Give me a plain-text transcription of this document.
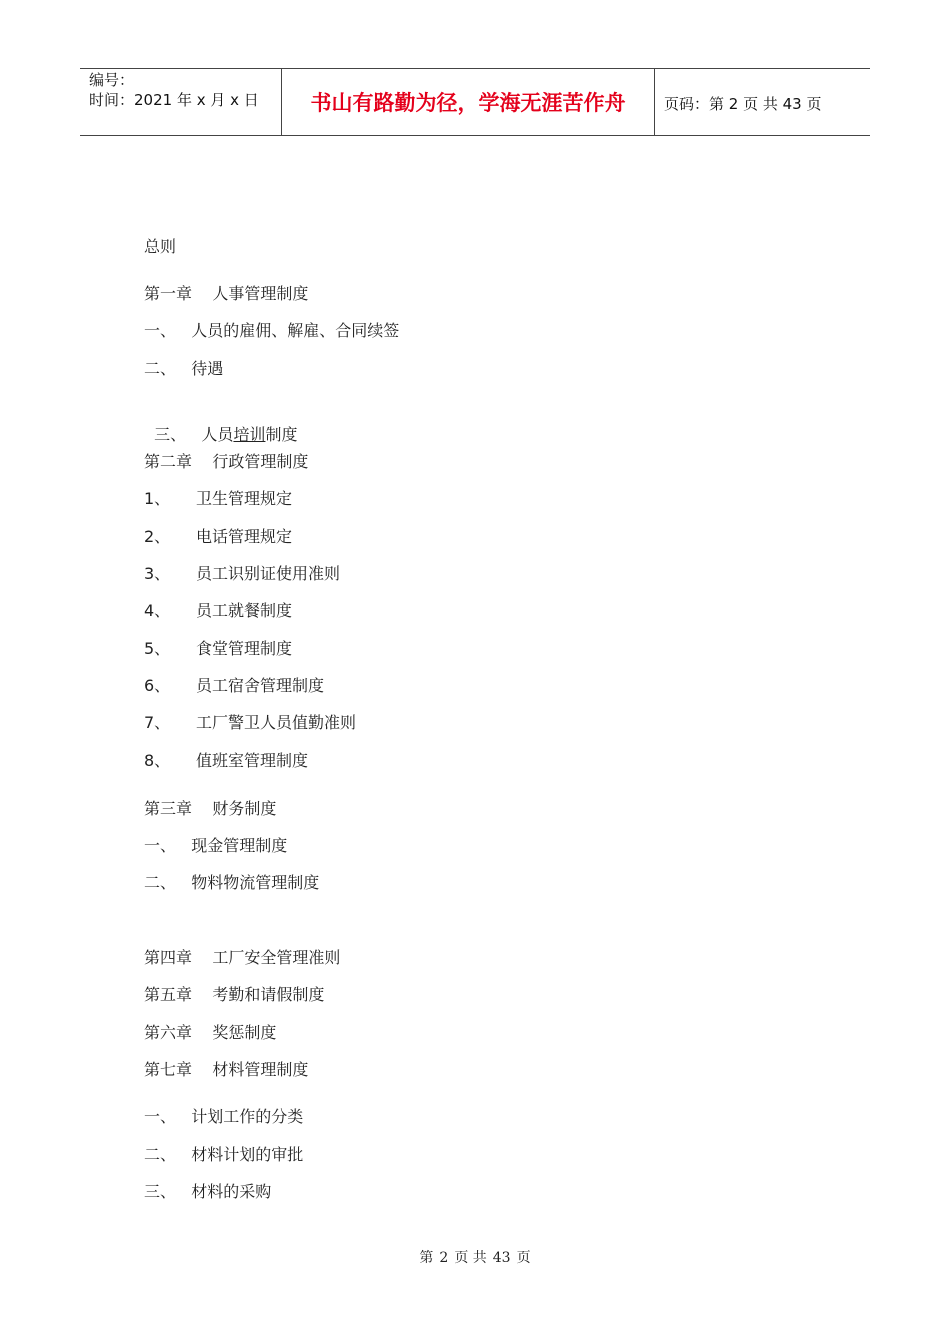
编号：
时间：2021 年 x 月 x 日	书山有路勤为径，学海无涯苦作舟	页码：第 2 页 共 43 页
总则
第一章    人事管理制度
一、   人员的雇佣、解雇、合同续签
二、   待遇

三、   人员培训制度

第二章    行政管理制度
1、 卫生管理规定
2、 电话管理规定
3、 员工识别证使用准则
4、 员工就餐制度
5、 食堂管理制度
6、 员工宿舍管理制度
7、 工厂警卫人员值勤准则
8、 值班室管理制度
第三章    财务制度
一、   现金管理制度
二、   物料物流管理制度
第四章    工厂安全管理准则
第五章    考勤和请假制度
第六章    奖惩制度
第七章    材料管理制度
一、   计划工作的分类
二、   材料计划的审批
三、   材料的采购
第 2 页 共 43 页
